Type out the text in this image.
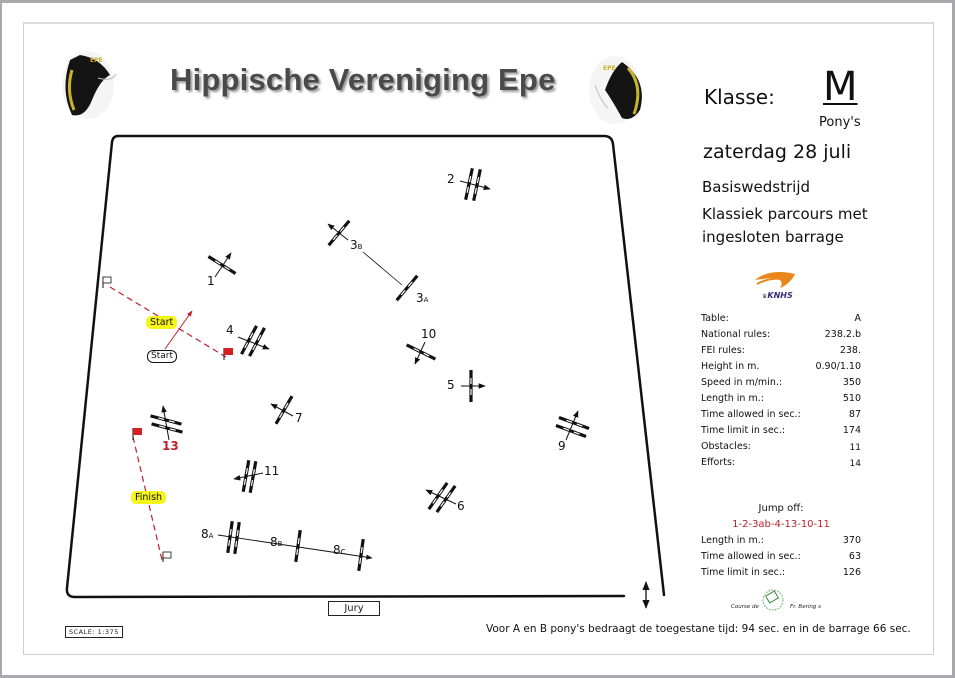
EPE
EPE
1
2
3B
3A
4
5
6
7
8A	8B	8C
9
10
11
13
Start
Start
Finish
Jury
SCALE: 1:375
Hippische Vereniging Epe	Klasse: M
Pony's
zaterdag 28 juli
Basiswedstrijd
Klassiek parcours met
ingesloten barrage
♛KNHS
Table:	A
National rules:	238.2.b
FEI rules:	238.
Height in m.	0.90/1.10
Speed in m/min.:	350
Length in m.:	510
Time allowed in sec.:	87
Time limit in sec.:	174
Obstacles:	11
Efforts:	14
Jump off:
1-2-3ab-4-13-10-11
Length in m.:	370
Time allowed in sec.:	63
Time limit in sec.:	126
Course de	Fr. Bering s
Voor A en B pony's bedraagt de toegestane tijd: 94 sec. en in de barrage 66 sec.
